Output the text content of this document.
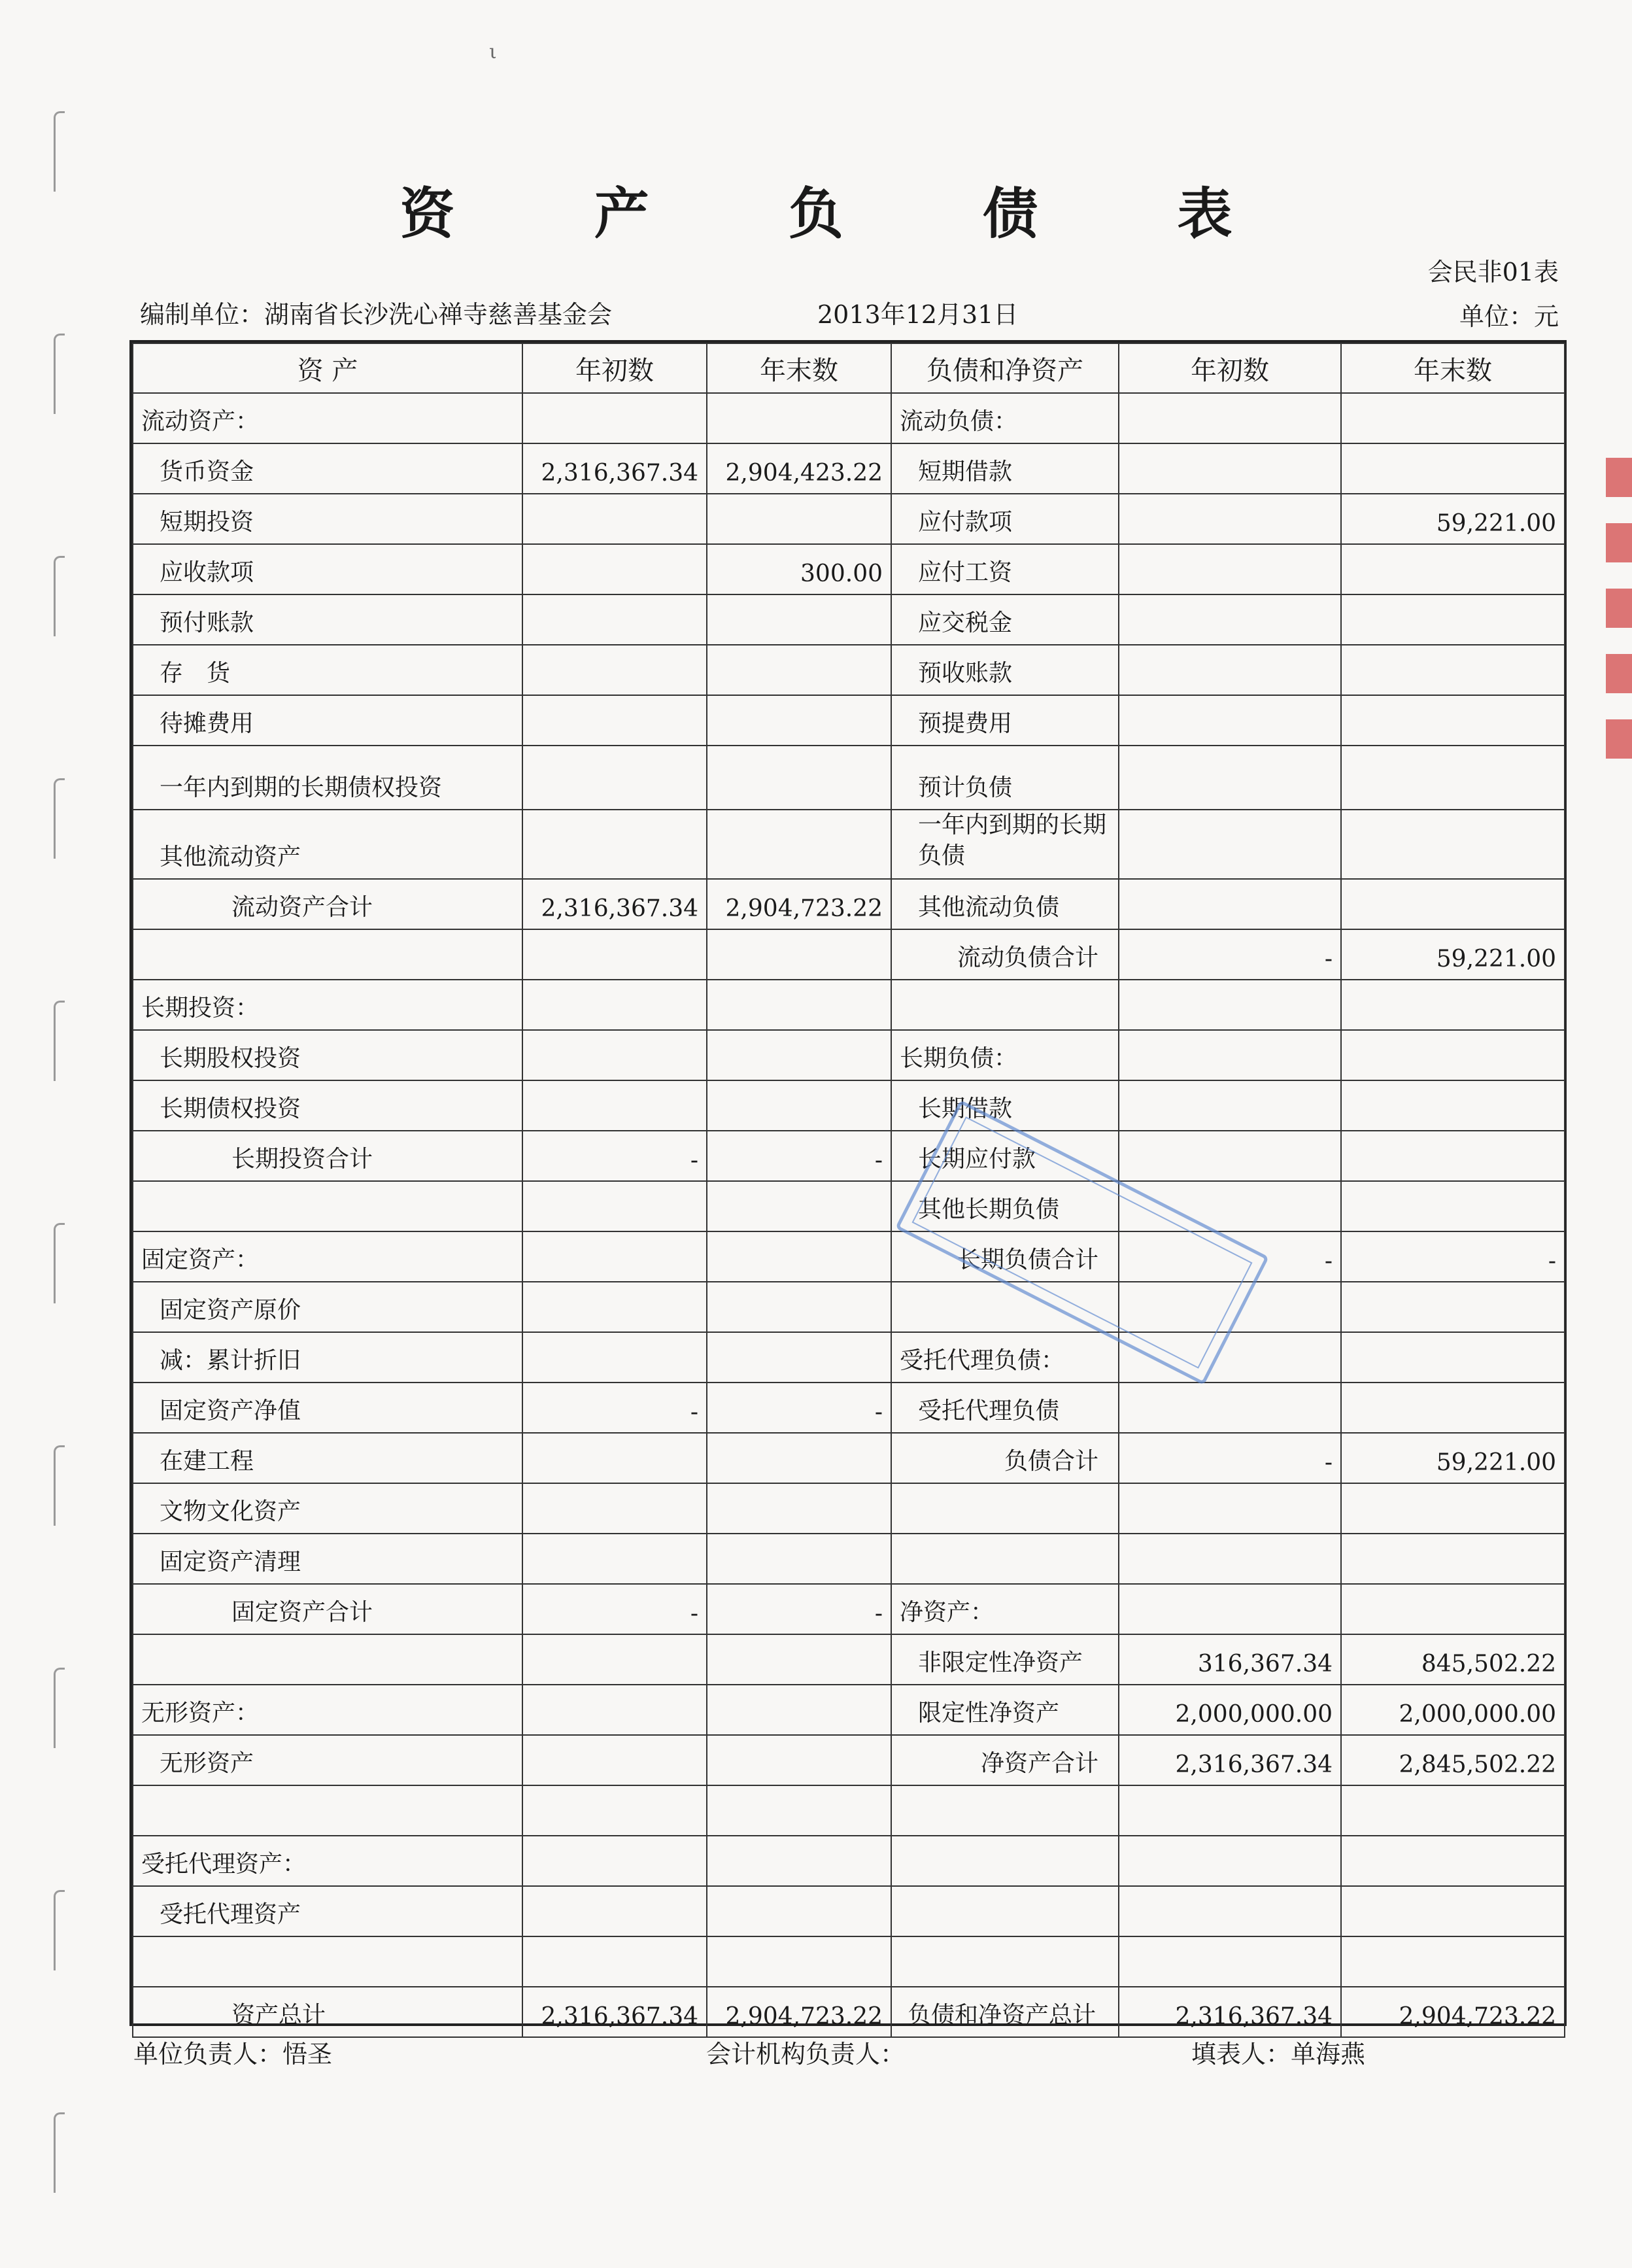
ι
资 产 负 债 表
会民非01表
编制单位：湖南省长沙洗心禅寺慈善基金会	2013年12月31日	单位：元
资 产	年初数	年末数	负债和净资产	年初数	年末数
流动资产：			流动负债：		
货币资金	2,316,367.34	2,904,423.22	短期借款		
短期投资			应付款项		59,221.00
应收款项		300.00	应付工资		
预付账款			应交税金		
存　货			预收账款		
待摊费用			预提费用		
一年内到期的长期债权投资			预计负债		
其他流动资产			一年内到期的长期负债		
流动资产合计	2,316,367.34	2,904,723.22	其他流动负债		
			流动负债合计	-	59,221.00
长期投资：					
长期股权投资			长期负债：		
长期债权投资			长期借款		
长期投资合计	-	-	长期应付款		
			其他长期负债		
固定资产：			长期负债合计	-	-
固定资产原价					
减：累计折旧			受托代理负债：		
固定资产净值	-	-	受托代理负债		
在建工程			负债合计	-	59,221.00
文物文化资产					
固定资产清理					
固定资产合计	-	-	净资产：		
			非限定性净资产	316,367.34	845,502.22
无形资产：			限定性净资产	2,000,000.00	2,000,000.00
无形资产			净资产合计	2,316,367.34	2,845,502.22

受托代理资产：					
受托代理资产					

资产总计	2,316,367.34	2,904,723.22	负债和净资产总计	2,316,367.34	2,904,723.22
单位负责人：悟圣	会计机构负责人：	填表人：单海燕
